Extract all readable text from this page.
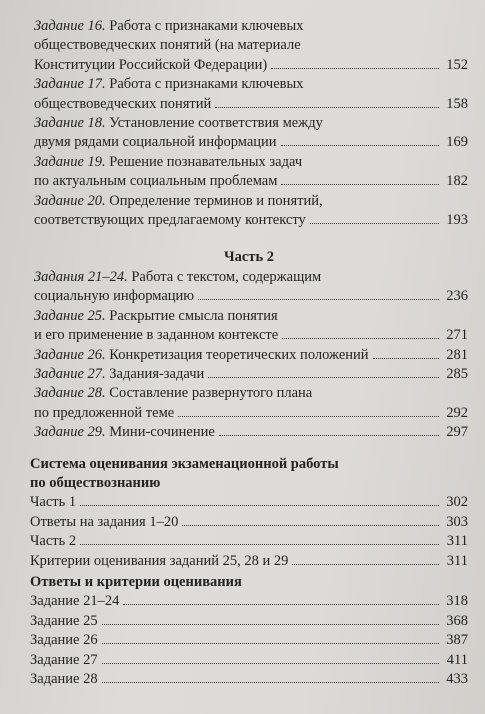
Задание 16.
Работа с признаками ключевых
обществоведческих понятий (на материале
Конституции Российской Федерации)	152
Задание 17.
Работа с признаками ключевых
обществоведческих понятий	158
Задание 18.
Установление соответствия между
двумя рядами социальной информации	169
Задание 19.
Решение познавательных задач
по актуальным социальным проблемам	182
Задание 20.
Определение терминов и понятий,
соответствующих предлагаемому контексту	193
Часть 2
Задания 21–24.
Работа с текстом, содержащим
социальную информацию	236
Задание 25.
Раскрытие смысла понятия
и его применение в заданном контексте	271
Задание 26.
Конкретизация теоретических положений	281
Задание 27.
Задания-задачи	285
Задание 28.
Составление развернутого плана
по предложенной теме	292
Задание 29.
Мини-сочинение	297
Система оценивания экзаменационной работы
по обществознанию
Часть 1	302
Ответы на задания 1–20	303
Часть 2	311
Критерии оценивания заданий 25, 28 и 29	311
Ответы и критерии оценивания
Задание 21–24	318
Задание 25	368
Задание 26	387
Задание 27	411
Задание 28	433
